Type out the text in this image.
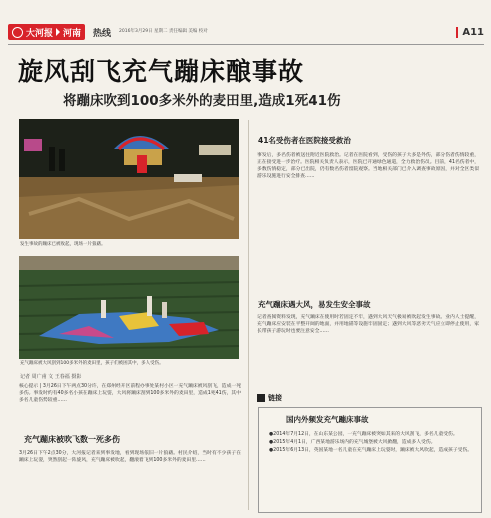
大河报 河南 热线 2016年3月29日 星期二 责任编辑 美编 校对	A11
旋风刮飞充气蹦床酿事故
将蹦床吹到100多米外的麦田里,造成1死41伤
发生事故的蹦床已被收起，现场一片狼藉。
充气蹦床被大风刮到100多米外的麦田里，孩子们被困其中，多人受伤。
记者 周广甫 文 王春福 摄影
核心提示 | 3月26日下午两点30分许，在郑州经开区前程办事处某村小区一充气蹦床被风刮飞，造成一死多伤。事发时约有40多名小孩在蹦床上玩耍，大风将蹦床刮到100多米外的麦田里，造成1死41伤，其中多名儿童伤势较重……
充气蹦床被吹飞数一死多伤
3月26日下午2点30分，大河报记者来到事发地，看到现场依旧一片狼藉。村民介绍，当时有不少孩子在蹦床上玩耍，突然刮起一阵旋风，充气蹦床被吹起，翻滚着飞到100多米外的麦田里……
41名受伤者在医院接受救治
事发后，多名伤者被送往附近医院救治。记者在医院看到，受伤的孩子大多是外伤，部分伤者伤情较重，正在接受进一步治疗。医院相关负责人表示，医院已开通绿色通道，全力救治伤员。目前，41名伤者中，多数伤情稳定，部分已出院，仍有数名伤者留院观察。当地相关部门已介入调查事故原因，并对全区类似游乐设施进行安全排查……
充气蹦床遇大风，易发生安全事故
记者查阅资料发现，充气蹦床在使用时若固定不牢，遇到大风天气极易被吹起发生事故。业内人士提醒，充气蹦床应安装在平整开阔的地面，并用地锚等设施牢固固定；遇到大风等恶劣天气应立即停止使用，家长带孩子游玩时也要注意安全……
链接
国内外频发充气蹦床事故

●2014年7月12日，在山东某公园，一充气蹦床被突如其来的大风刮飞，多名儿童受伤。

●2015年4月1日，广西某地游乐场内的充气城堡被大风掀翻，造成多人受伤。

●2015年6月13日，英国某地一名儿童在充气蹦床上玩耍时，蹦床被大风吹起，造成孩子受伤。
